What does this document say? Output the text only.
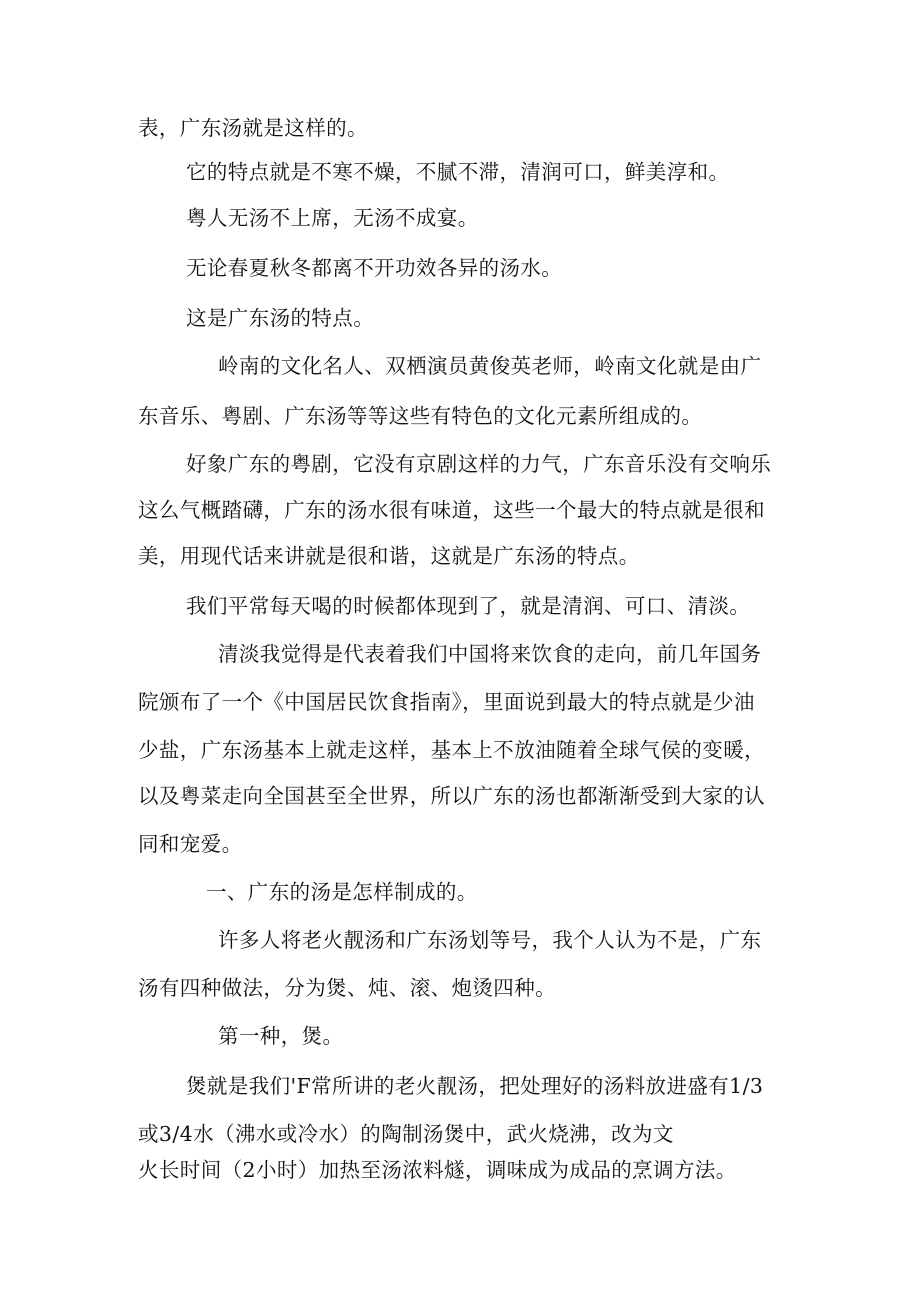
表，广东汤就是这样的。
它的特点就是不寒不燥，不腻不滞，清润可口，鲜美淳和。
粤人无汤不上席，无汤不成宴。
无论春夏秋冬都离不开功效各异的汤水。
这是广东汤的特点。
岭南的文化名人、双栖演员黄俊英老师，岭南文化就是由广
东音乐、粤剧、广东汤等等这些有特色的文化元素所组成的。
好象广东的粤剧，它没有京剧这样的力气，广东音乐没有交响乐
这么气概踏礴，广东的汤水很有味道，这些一个最大的特点就是很和
美，用现代话来讲就是很和谐，这就是广东汤的特点。
我们平常每天喝的时候都体现到了，就是清润、可口、清淡。
清淡我觉得是代表着我们中国将来饮食的走向，前几年国务
院颁布了一个《中国居民饮食指南》，里面说到最大的特点就是少油
少盐，广东汤基本上就走这样，基本上不放油随着全球气侯的变暖，
以及粤菜走向全国甚至全世界，所以广东的汤也都渐渐受到大家的认
同和宠爱。
一、广东的汤是怎样制成的。
许多人将老火靓汤和广东汤划等号，我个人认为不是，广东
汤有四种做法，分为煲、炖、滚、炮烫四种。
第一种，煲。
煲就是我们'F常所讲的老火靓汤，把处理好的汤料放进盛有1/3
或3/4水（沸水或冷水）的陶制汤煲中，武火烧沸，改为文
火长时间（2小时）加热至汤浓料燧，调味成为成品的烹调方法。
